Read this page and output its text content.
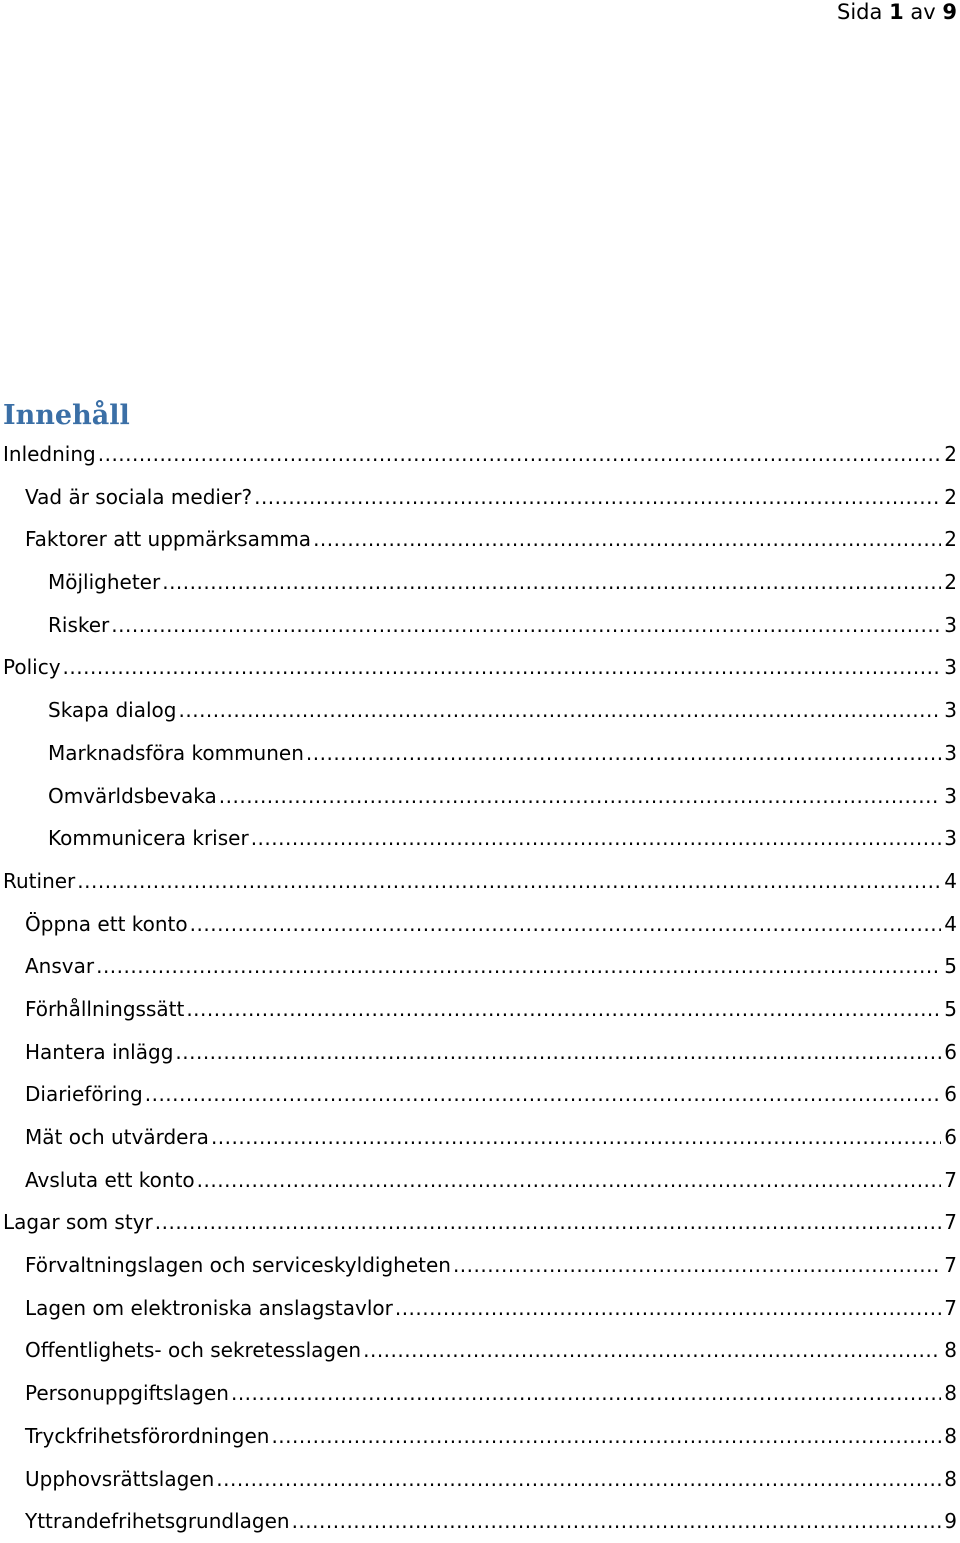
Sida 1 av 9
Innehåll
Inledning .....	2
Vad är sociala medier? .....	2
Faktorer att uppmärksamma .....	2
Möjligheter .....	2
Risker .....	3
Policy .....	3
Skapa dialog .....	3
Marknadsföra kommunen .....	3
Omvärldsbevaka .....	3
Kommunicera kriser .....	3
Rutiner .....	4
Öppna ett konto .....	4
Ansvar .....	5
Förhållningssätt .....	5
Hantera inlägg .....	6
Diarieföring .....	6
Mät och utvärdera .....	6
Avsluta ett konto .....	7
Lagar som styr .....	7
Förvaltningslagen och serviceskyldigheten .....	7
Lagen om elektroniska anslagstavlor .....	7
Offentlighets- och sekretesslagen .....	8
Personuppgiftslagen .....	8
Tryckfrihetsförordningen .....	8
Upphovsrättslagen .....	8
Yttrandefrihetsgrundlagen .....	9
